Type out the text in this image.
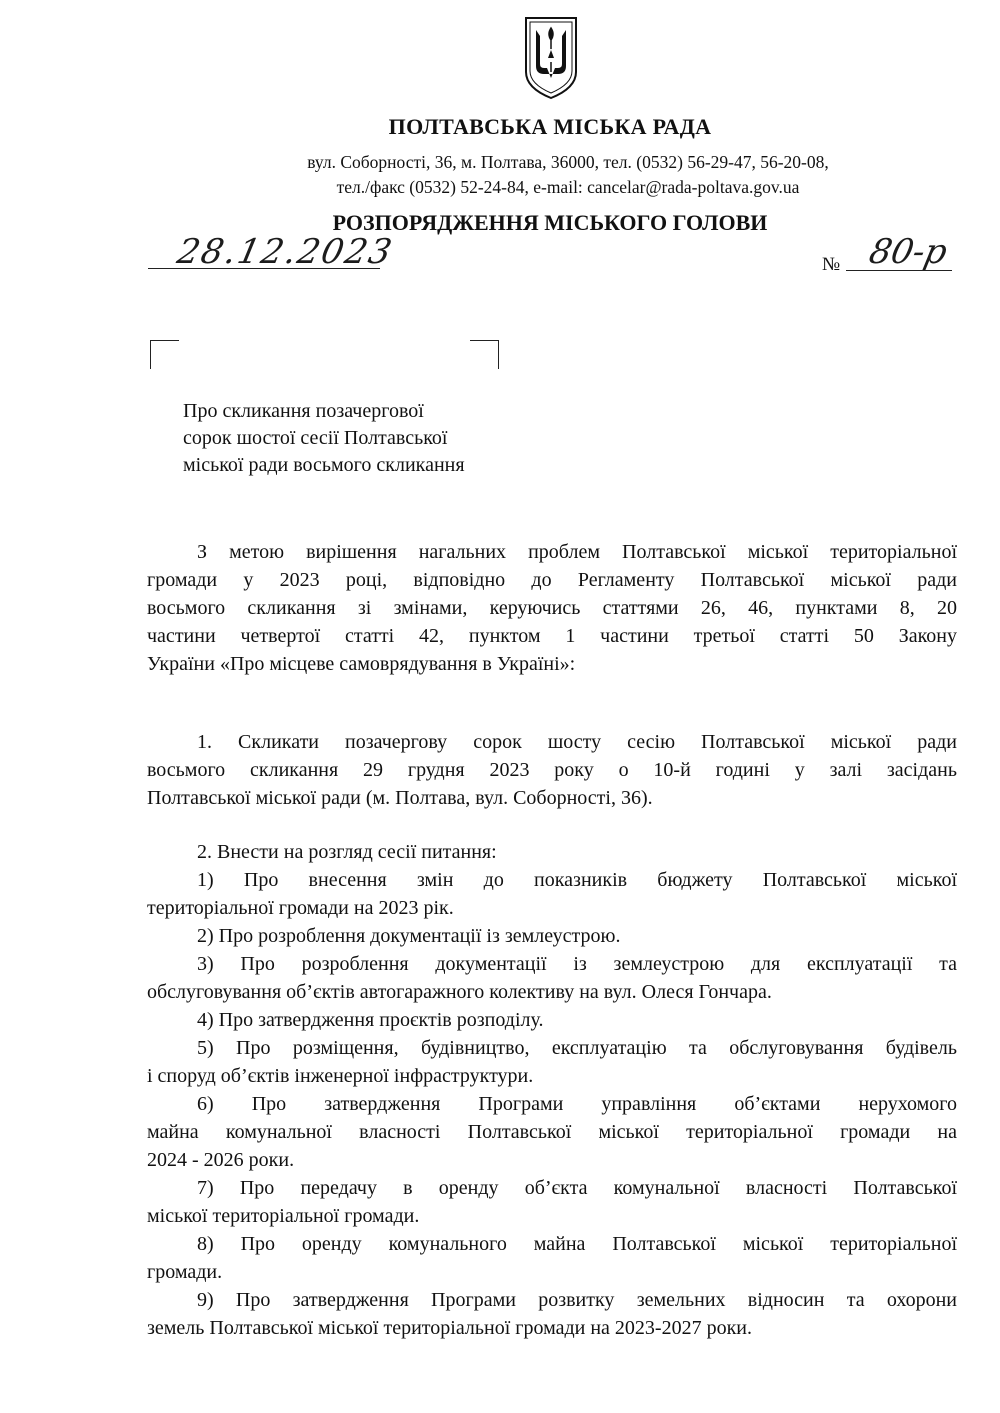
ПОЛТАВСЬКА МІСЬКА РАДА
вул. Соборності, 36, м. Полтава, 36000, тел. (0532) 56-29-47, 56-20-08,
тел./факс (0532) 52-24-84, e-mail: cancelar@rada-poltava.gov.ua
РОЗПОРЯДЖЕННЯ МІСЬКОГО ГОЛОВИ
28.12.2023	№ 80-р
Про скликання позачергової
сорок шостої сесії Полтавської
міської ради восьмого скликання
З метою вирішення нагальних проблем Полтавської міської територіальної
громади у 2023 році, відповідно до Регламенту Полтавської міської ради
восьмого скликання зі змінами, керуючись статтями 26, 46, пунктами 8, 20
частини четвертої статті 42, пунктом 1 частини третьої статті 50 Закону
України «Про місцеве самоврядування в Україні»:
1. Скликати позачергову сорок шосту сесію Полтавської міської ради
восьмого скликання 29 грудня 2023 року о 10-й годині у залі засідань
Полтавської міської ради (м. Полтава, вул. Соборності, 36).
2. Внести на розгляд сесії питання:
1) Про внесення змін до показників бюджету Полтавської міської
територіальної громади на 2023 рік.
2) Про розроблення документації із землеустрою.
3) Про розроблення документації із землеустрою для експлуатації та
обслуговування об’єктів автогаражного колективу на вул. Олеся Гончара.
4) Про затвердження проєктів розподілу.
5) Про розміщення, будівництво, експлуатацію та обслуговування будівель
і споруд об’єктів інженерної інфраструктури.
6) Про затвердження Програми управління об’єктами нерухомого
майна комунальної власності Полтавської міської територіальної громади на
2024 - 2026 роки.
7) Про передачу в оренду об’єкта комунальної власності Полтавської
міської територіальної громади.
8) Про оренду комунального майна Полтавської міської територіальної
громади.
9) Про затвердження Програми розвитку земельних відносин та охорони
земель Полтавської міської територіальної громади на 2023-2027 роки.
